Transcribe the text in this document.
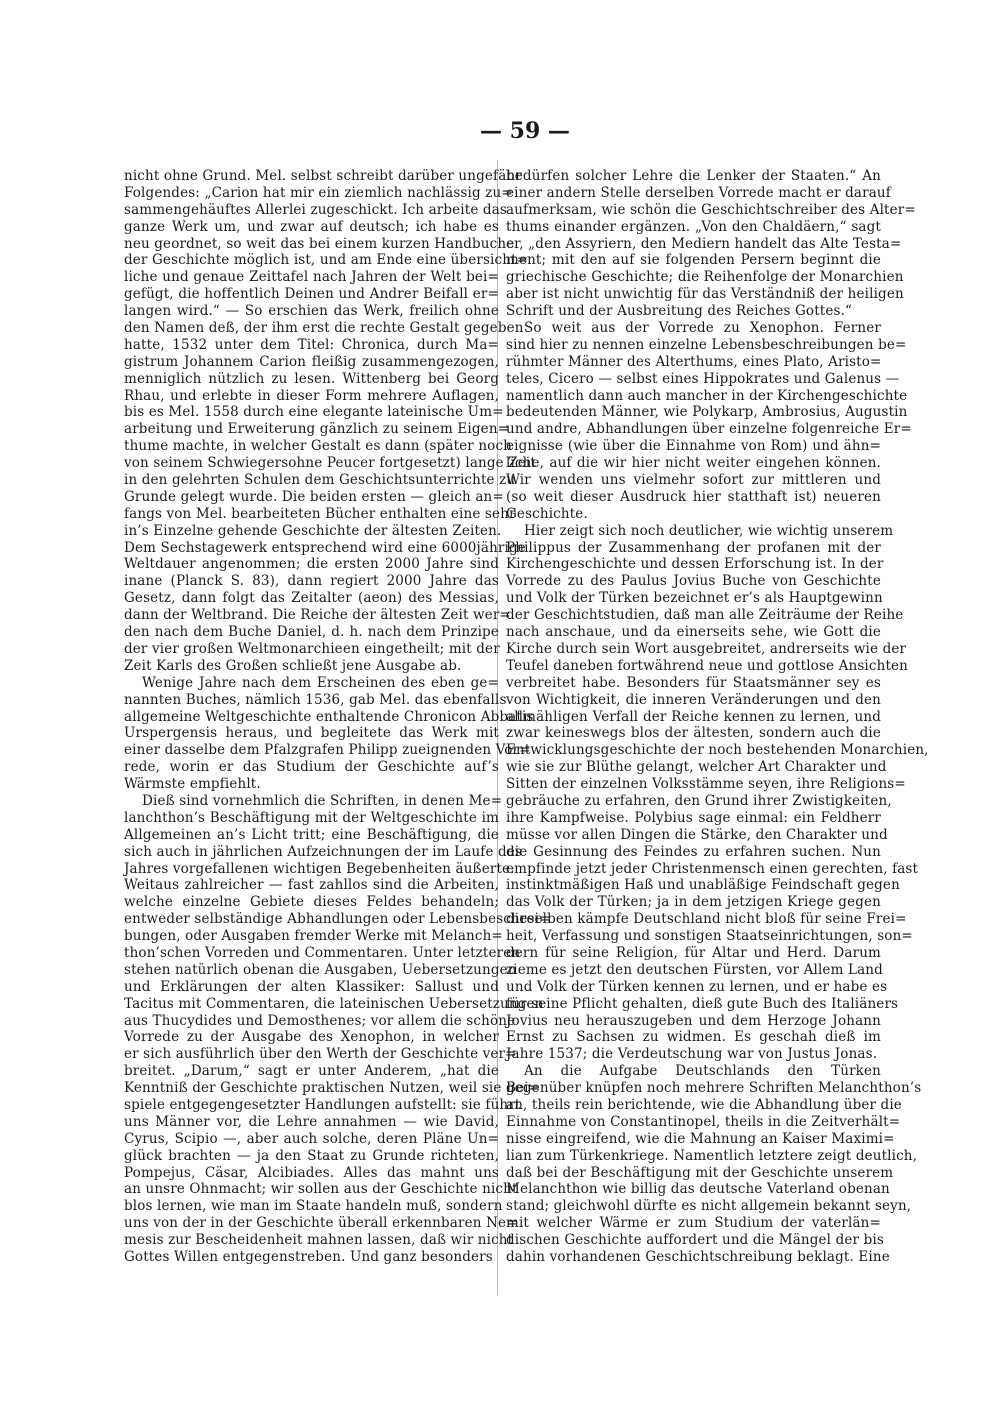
— 59 —
nicht ohne Grund. Mel. selbst schreibt darüber ungefähr
Folgendes: „Carion hat mir ein ziemlich nachlässig zu=
sammengehäuftes Allerlei zugeschickt. Ich arbeite das
ganze Werk um, und zwar auf deutsch; ich habe es
neu geordnet, so weit das bei einem kurzen Handbuche
der Geschichte möglich ist, und am Ende eine übersicht=
liche und genaue Zeittafel nach Jahren der Welt bei=
gefügt, die hoffentlich Deinen und Andrer Beifall er=
langen wird.“ — So erschien das Werk, freilich ohne
den Namen deß, der ihm erst die rechte Gestalt gegeben
hatte, 1532 unter dem Titel: Chronica, durch Ma=
gistrum Johannem Carion fleißig zusammengezogen,
menniglich nützlich zu lesen. Wittenberg bei Georg
Rhau, und erlebte in dieser Form mehrere Auflagen,
bis es Mel. 1558 durch eine elegante lateinische Um=
arbeitung und Erweiterung gänzlich zu seinem Eigen=
thume machte, in welcher Gestalt es dann (später noch
von seinem Schwiegersohne Peucer fortgesetzt) lange Zeit
in den gelehrten Schulen dem Geschichtsunterrichte zu
Grunde gelegt wurde. Die beiden ersten — gleich an=
fangs von Mel. bearbeiteten Bücher enthalten eine sehr
in’s Einzelne gehende Geschichte der ältesten Zeiten.
Dem Sechstagewerk entsprechend wird eine 6000jährige
Weltdauer angenommen; die ersten 2000 Jahre sind
inane (Planck S. 83), dann regiert 2000 Jahre das
Gesetz, dann folgt das Zeitalter (aeon) des Messias,
dann der Weltbrand. Die Reiche der ältesten Zeit wer=
den nach dem Buche Daniel, d. h. nach dem Prinzipe
der vier großen Weltmonarchieen eingetheilt; mit der
Zeit Karls des Großen schließt jene Ausgabe ab.
Wenige Jahre nach dem Erscheinen des eben ge=
nannten Buches, nämlich 1536, gab Mel. das ebenfalls
allgemeine Weltgeschichte enthaltende Chronicon Abbatis
Urspergensis heraus, und begleitete das Werk mit
einer dasselbe dem Pfalzgrafen Philipp zueignenden Vor=
rede, worin er das Studium der Geschichte auf’s
Wärmste empfiehlt.
Dieß sind vornehmlich die Schriften, in denen Me=
lanchthon’s Beschäftigung mit der Weltgeschichte im
Allgemeinen an’s Licht tritt; eine Beschäftigung, die
sich auch in jährlichen Aufzeichnungen der im Laufe des
Jahres vorgefallenen wichtigen Begebenheiten äußerte.
Weitaus zahlreicher — fast zahllos sind die Arbeiten,
welche einzelne Gebiete dieses Feldes behandeln;
entweder selbständige Abhandlungen oder Lebensbeschrei=
bungen, oder Ausgaben fremder Werke mit Melanch=
thon’schen Vorreden und Commentaren. Unter letzteren
stehen natürlich obenan die Ausgaben, Uebersetzungen
und Erklärungen der alten Klassiker: Sallust und
Tacitus mit Commentaren, die lateinischen Uebersetzungen
aus Thucydides und Demosthenes; vor allem die schöne
Vorrede zu der Ausgabe des Xenophon, in welcher
er sich ausführlich über den Werth der Geschichte ver=
breitet. „Darum,“ sagt er unter Anderem, „hat die
Kenntniß der Geschichte praktischen Nutzen, weil sie Bei=
spiele entgegengesetzter Handlungen aufstellt: sie führt
uns Männer vor, die Lehre annahmen — wie David,
Cyrus, Scipio —, aber auch solche, deren Pläne Un=
glück brachten — ja den Staat zu Grunde richteten,
Pompejus, Cäsar, Alcibiades. Alles das mahnt uns
an unsre Ohnmacht; wir sollen aus der Geschichte nicht
blos lernen, wie man im Staate handeln muß, sondern
uns von der in der Geschichte überall erkennbaren Ne=
mesis zur Bescheidenheit mahnen lassen, daß wir nicht
Gottes Willen entgegenstreben. Und ganz besonders
bedürfen solcher Lehre die Lenker der Staaten.“ An
einer andern Stelle derselben Vorrede macht er darauf
aufmerksam, wie schön die Geschichtschreiber des Alter=
thums einander ergänzen. „Von den Chaldäern,“ sagt
er, „den Assyriern, den Mediern handelt das Alte Testa=
ment; mit den auf sie folgenden Persern beginnt die
griechische Geschichte; die Reihenfolge der Monarchien
aber ist nicht unwichtig für das Verständniß der heiligen
Schrift und der Ausbreitung des Reiches Gottes.“
So weit aus der Vorrede zu Xenophon. Ferner
sind hier zu nennen einzelne Lebensbeschreibungen be=
rühmter Männer des Alterthums, eines Plato, Aristo=
teles, Cicero — selbst eines Hippokrates und Galenus —
namentlich dann auch mancher in der Kirchengeschichte
bedeutenden Männer, wie Polykarp, Ambrosius, Augustin
und andre, Abhandlungen über einzelne folgenreiche Er=
eignisse (wie über die Einnahme von Rom) und ähn=
liche, auf die wir hier nicht weiter eingehen können.
Wir wenden uns vielmehr sofort zur mittleren und
(so weit dieser Ausdruck hier statthaft ist) neueren
Geschichte.
Hier zeigt sich noch deutlicher, wie wichtig unserem
Philippus der Zusammenhang der profanen mit der
Kirchengeschichte und dessen Erforschung ist. In der
Vorrede zu des Paulus Jovius Buche von Geschichte
und Volk der Türken bezeichnet er’s als Hauptgewinn
der Geschichtstudien, daß man alle Zeiträume der Reihe
nach anschaue, und da einerseits sehe, wie Gott die
Kirche durch sein Wort ausgebreitet, andrerseits wie der
Teufel daneben fortwährend neue und gottlose Ansichten
verbreitet habe. Besonders für Staatsmänner sey es
von Wichtigkeit, die inneren Veränderungen und den
allmähligen Verfall der Reiche kennen zu lernen, und
zwar keineswegs blos der ältesten, sondern auch die
Entwicklungsgeschichte der noch bestehenden Monarchien,
wie sie zur Blüthe gelangt, welcher Art Charakter und
Sitten der einzelnen Volksstämme seyen, ihre Religions=
gebräuche zu erfahren, den Grund ihrer Zwistigkeiten,
ihre Kampfweise. Polybius sage einmal: ein Feldherr
müsse vor allen Dingen die Stärke, den Charakter und
die Gesinnung des Feindes zu erfahren suchen. Nun
empfinde jetzt jeder Christenmensch einen gerechten, fast
instinktmäßigen Haß und unabläßige Feindschaft gegen
das Volk der Türken; ja in dem jetzigen Kriege gegen
dieselben kämpfe Deutschland nicht bloß für seine Frei=
heit, Verfassung und sonstigen Staatseinrichtungen, son=
dern für seine Religion, für Altar und Herd. Darum
zieme es jetzt den deutschen Fürsten, vor Allem Land
und Volk der Türken kennen zu lernen, und er habe es
für seine Pflicht gehalten, dieß gute Buch des Italiäners
Jovius neu herauszugeben und dem Herzoge Johann
Ernst zu Sachsen zu widmen. Es geschah dieß im
Jahre 1537; die Verdeutschung war von Justus Jonas.
An die Aufgabe Deutschlands den Türken
gegenüber knüpfen noch mehrere Schriften Melanchthon’s
an, theils rein berichtende, wie die Abhandlung über die
Einnahme von Constantinopel, theils in die Zeitverhält=
nisse eingreifend, wie die Mahnung an Kaiser Maximi=
lian zum Türkenkriege. Namentlich letztere zeigt deutlich,
daß bei der Beschäftigung mit der Geschichte unserem
Melanchthon wie billig das deutsche Vaterland obenan
stand; gleichwohl dürfte es nicht allgemein bekannt seyn,
mit welcher Wärme er zum Studium der vaterlän=
dischen Geschichte auffordert und die Mängel der bis
dahin vorhandenen Geschichtschreibung beklagt. Eine
